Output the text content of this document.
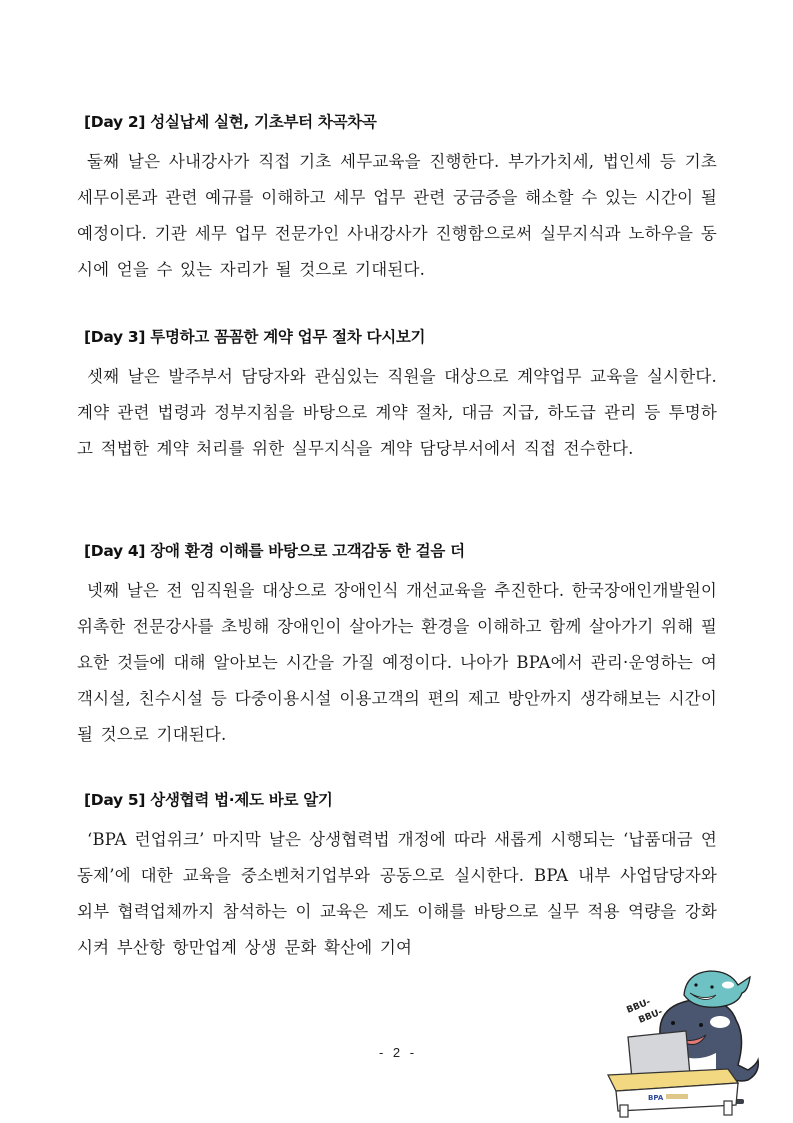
[Day 2] 성실납세 실현, 기초부터 차곡차곡

둘째 날은 사내강사가 직접 기초 세무교육을 진행한다. 부가가치세, 법인세 등 기초 세무이론과 관련 예규를 이해하고 세무 업무 관련 궁금증을 해소할 수 있는 시간이 될 예정이다. 기관 세무 업무 전문가인 사내강사가 진행함으로써 실무지식과 노하우을 동시에 얻을 수 있는 자리가 될 것으로 기대된다.

[Day 3] 투명하고 꼼꼼한 계약 업무 절차 다시보기

셋째 날은 발주부서 담당자와 관심있는 직원을 대상으로 계약업무 교육을 실시한다. 계약 관련 법령과 정부지침을 바탕으로 계약 절차, 대금 지급, 하도급 관리 등 투명하고 적법한 계약 처리를 위한 실무지식을 계약 담당부서에서 직접 전수한다.

[Day 4] 장애 환경 이해를 바탕으로 고객감동 한 걸음 더

넷째 날은 전 임직원을 대상으로 장애인식 개선교육을 추진한다. 한국장애인개발원이 위촉한 전문강사를 초빙해 장애인이 살아가는 환경을 이해하고 함께 살아가기 위해 필요한 것들에 대해 알아보는 시간을 가질 예정이다. 나아가 BPA에서 관리·운영하는 여객시설, 친수시설 등 다중이용시설 이용고객의 편의 제고 방안까지 생각해보는 시간이 될 것으로 기대된다.

[Day 5] 상생협력 법·제도 바로 알기

‘BPA 런업위크’ 마지막 날은 상생협력법 개정에 따라 새롭게 시행되는 ‘납품대금 연동제’에 대한 교육을 중소벤처기업부와 공동으로 실시한다. BPA 내부 사업담당자와 외부 협력업체까지 참석하는 이 교육은 제도 이해를 바탕으로 실무 적용 역량을 강화시켜 부산항 항만업계 상생 문화 확산에 기여

- 2 -
BBU-
BBU-
BPA
